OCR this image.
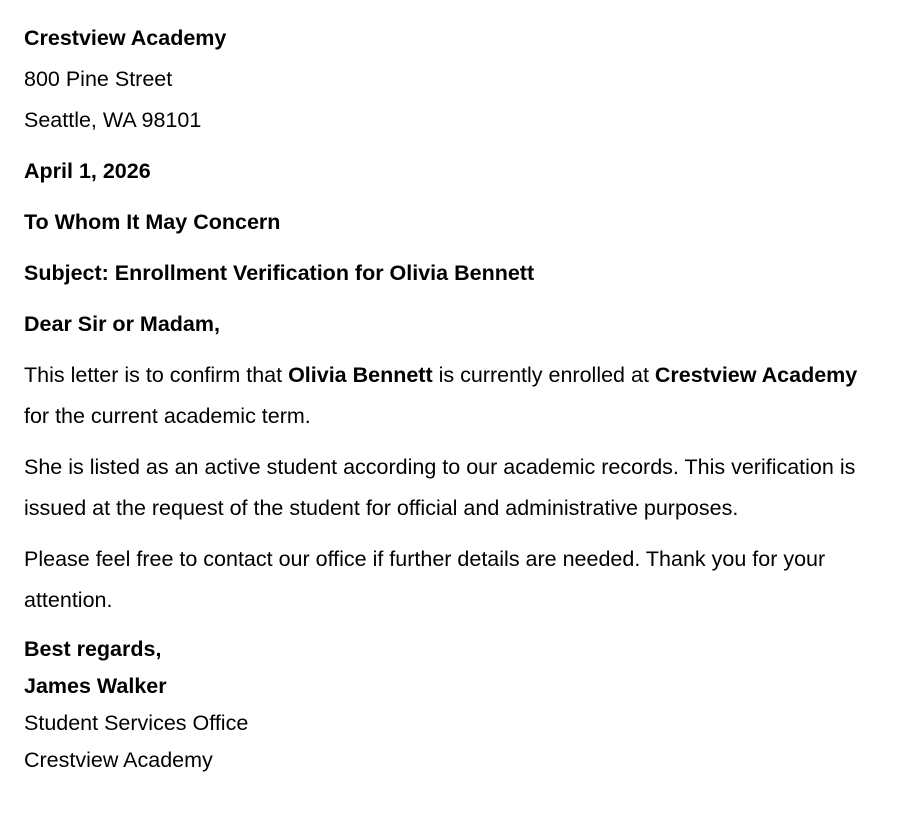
Crestview Academy
800 Pine Street
Seattle, WA 98101
April 1, 2026
To Whom It May Concern
Subject: Enrollment Verification for Olivia Bennett
Dear Sir or Madam,

This letter is to confirm that Olivia Bennett is currently enrolled at Crestview Academy for the current academic term.

She is listed as an active student according to our academic records. This verification is issued at the request of the student for official and administrative purposes.

Please feel free to contact our office if further details are needed. Thank you for your attention.

Best regards,
James Walker
Student Services Office
Crestview Academy
